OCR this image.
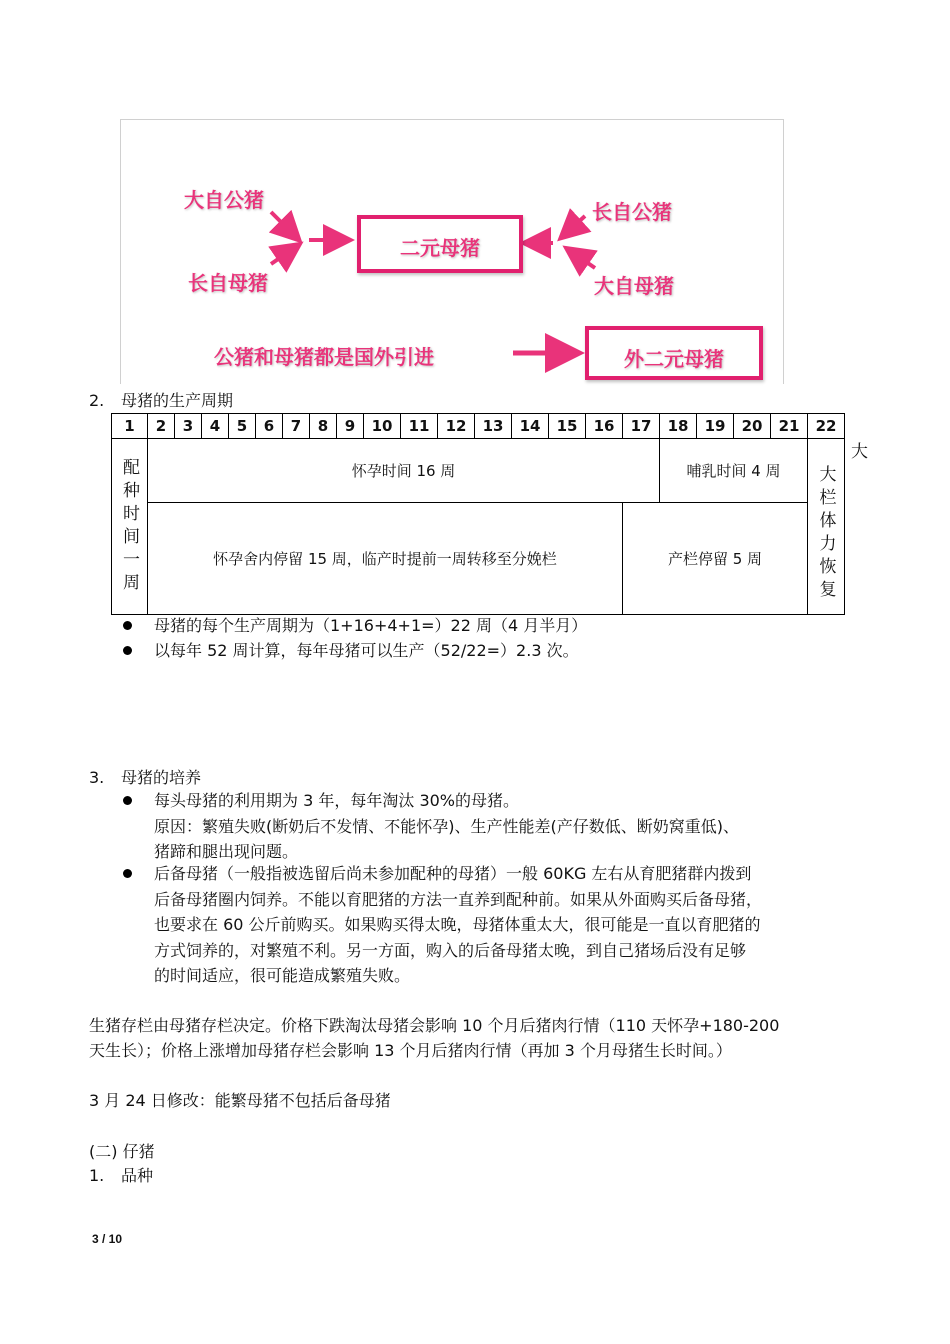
大自公猪
长自母猪
二元母猪
长自公猪
大自母猪
公猪和母猪都是国外引进	外二元母猪
2. 母猪的生产周期
1	2	3	4	5	6	7	8	9	10	11	12	13	14	15	16	17	18	19	20	21	22

配种时间一周	怀孕时间 16 周																哺乳时间 4 周				大栏体力恢复

	怀孕舍内停留 15 周，临产时提前一周转移至分娩栏															产栏停留 5 周					
大
母猪的每个生产周期为（1+16+4+1=）22 周（4 月半月）
以每年 52 周计算，每年母猪可以生产（52/22=）2.3 次。
3. 母猪的培养
每头母猪的利用期为 3 年，每年淘汰 30%的母猪。
原因：繁殖失败(断奶后不发情、不能怀孕)、生产性能差(产仔数低、断奶窝重低)、
猪蹄和腿出现问题。
后备母猪（一般指被选留后尚未参加配种的母猪）一般 60KG 左右从育肥猪群内拨到
后备母猪圈内饲养。不能以育肥猪的方法一直养到配种前。如果从外面购买后备母猪，
也要求在 60 公斤前购买。如果购买得太晚，母猪体重太大，很可能是一直以育肥猪的
方式饲养的，对繁殖不利。另一方面，购入的后备母猪太晚，到自己猪场后没有足够
的时间适应，很可能造成繁殖失败。
生猪存栏由母猪存栏决定。价格下跌淘汰母猪会影响 10 个月后猪肉行情（110 天怀孕+180-200
天生长）；价格上涨增加母猪存栏会影响 13 个月后猪肉行情（再加 3 个月母猪生长时间。）
3 月 24 日修改：能繁母猪不包括后备母猪
(二) 仔猪
1. 品种
3 / 10
